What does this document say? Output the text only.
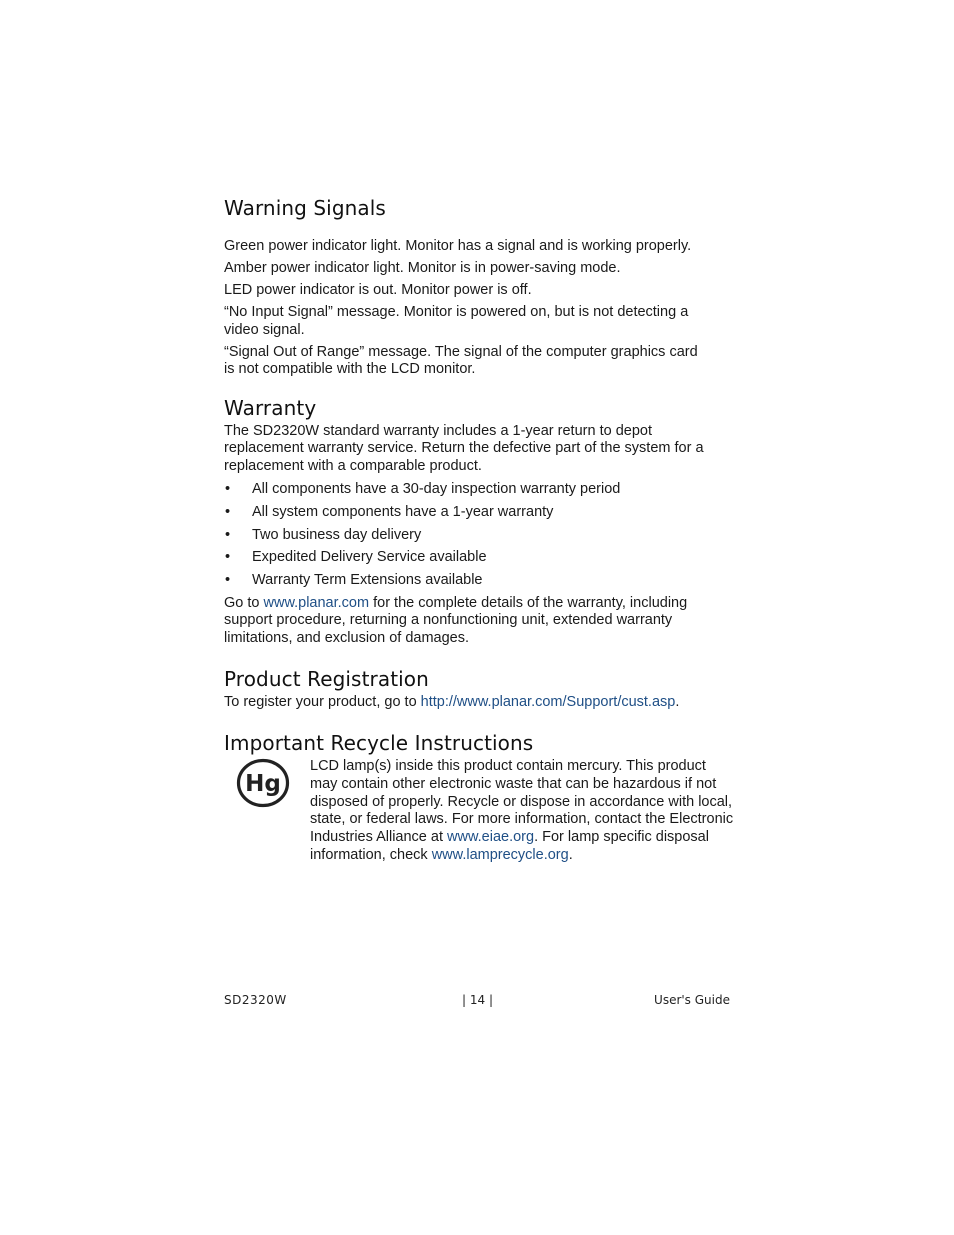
Warning Signals

Green power indicator light. Monitor has a signal and is working properly.

Amber power indicator light. Monitor is in power-saving mode.

LED power indicator is out. Monitor power is off.

“No Input Signal” message. Monitor is powered on, but is not detecting a video signal.

“Signal Out of Range” message. The signal of the computer graphics card is not compatible with the LCD monitor.

Warranty

The SD2320W standard warranty includes a 1-year return to depot replacement warranty service. Return the defective part of the system for a replacement with a comparable product.

• All components have a 30-day inspection warranty period
• All system components have a 1-year warranty
• Two business day delivery
• Expedited Delivery Service available
• Warranty Term Extensions available

Go to www.planar.com for the complete details of the warranty, including support procedure, returning a nonfunctioning unit, extended warranty limitations, and exclusion of damages.

Product Registration

To register your product, go to http://www.planar.com/Support/cust.asp.

Important Recycle Instructions
Hg

LCD lamp(s) inside this product contain mercury. This product may contain other electronic waste that can be hazardous if not disposed of properly. Recycle or dispose in accordance with local, state, or federal laws. For more information, contact the Electronic Industries Alliance at www.eiae.org. For lamp specific disposal information, check www.lamprecycle.org.

SD2320W	| 14 |	User's Guide
